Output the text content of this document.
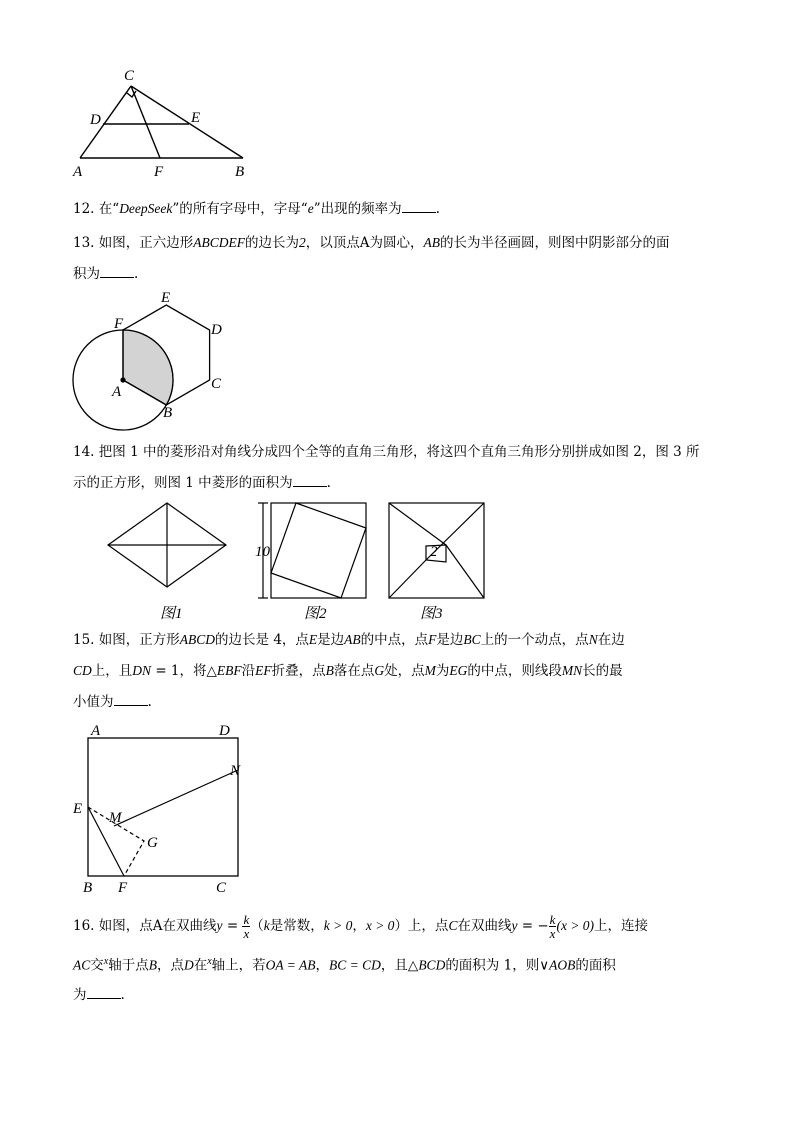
C
D	E
A	F	B
12. 在“DeepSeek”的所有字母中，字母“e”出现的频率为	.
13. 如图，正六边形ABCDEF的边长为2，以顶点A为圆心，AB的长为半径画圆，则图中阴影部分的面
积为	.
E
F	D
C
A
B
14. 把图 1 中的菱形沿对角线分成四个全等的直角三角形，将这四个直角三角形分别拼成如图 2，图 3 所
示的正方形，则图 1 中菱形的面积为	.
10	2
图1	图2	图3
15. 如图，正方形ABCD的边长是 4，点E是边AB的中点，点F是边BC上的一个动点，点N在边
CD上，且DN = 1，将△EBF沿EF折叠，点B落在点G处，点M为EG的中点，则线段MN长的最
小值为	.
A	D
N
E
M
G
B F	C
16. 如图，点A在双曲线$y = \frac{k}{x} (k$是常数，k > 0，x > 0）上，点C在双曲线y = − $\frac{k}{x} (x > 0)$上，连接
AC交$^x$轴于点B，点D在$^x$轴上，若OA = AB，BC = CD，且△BCD的面积为 1，则∨AOB的面积
为	.
